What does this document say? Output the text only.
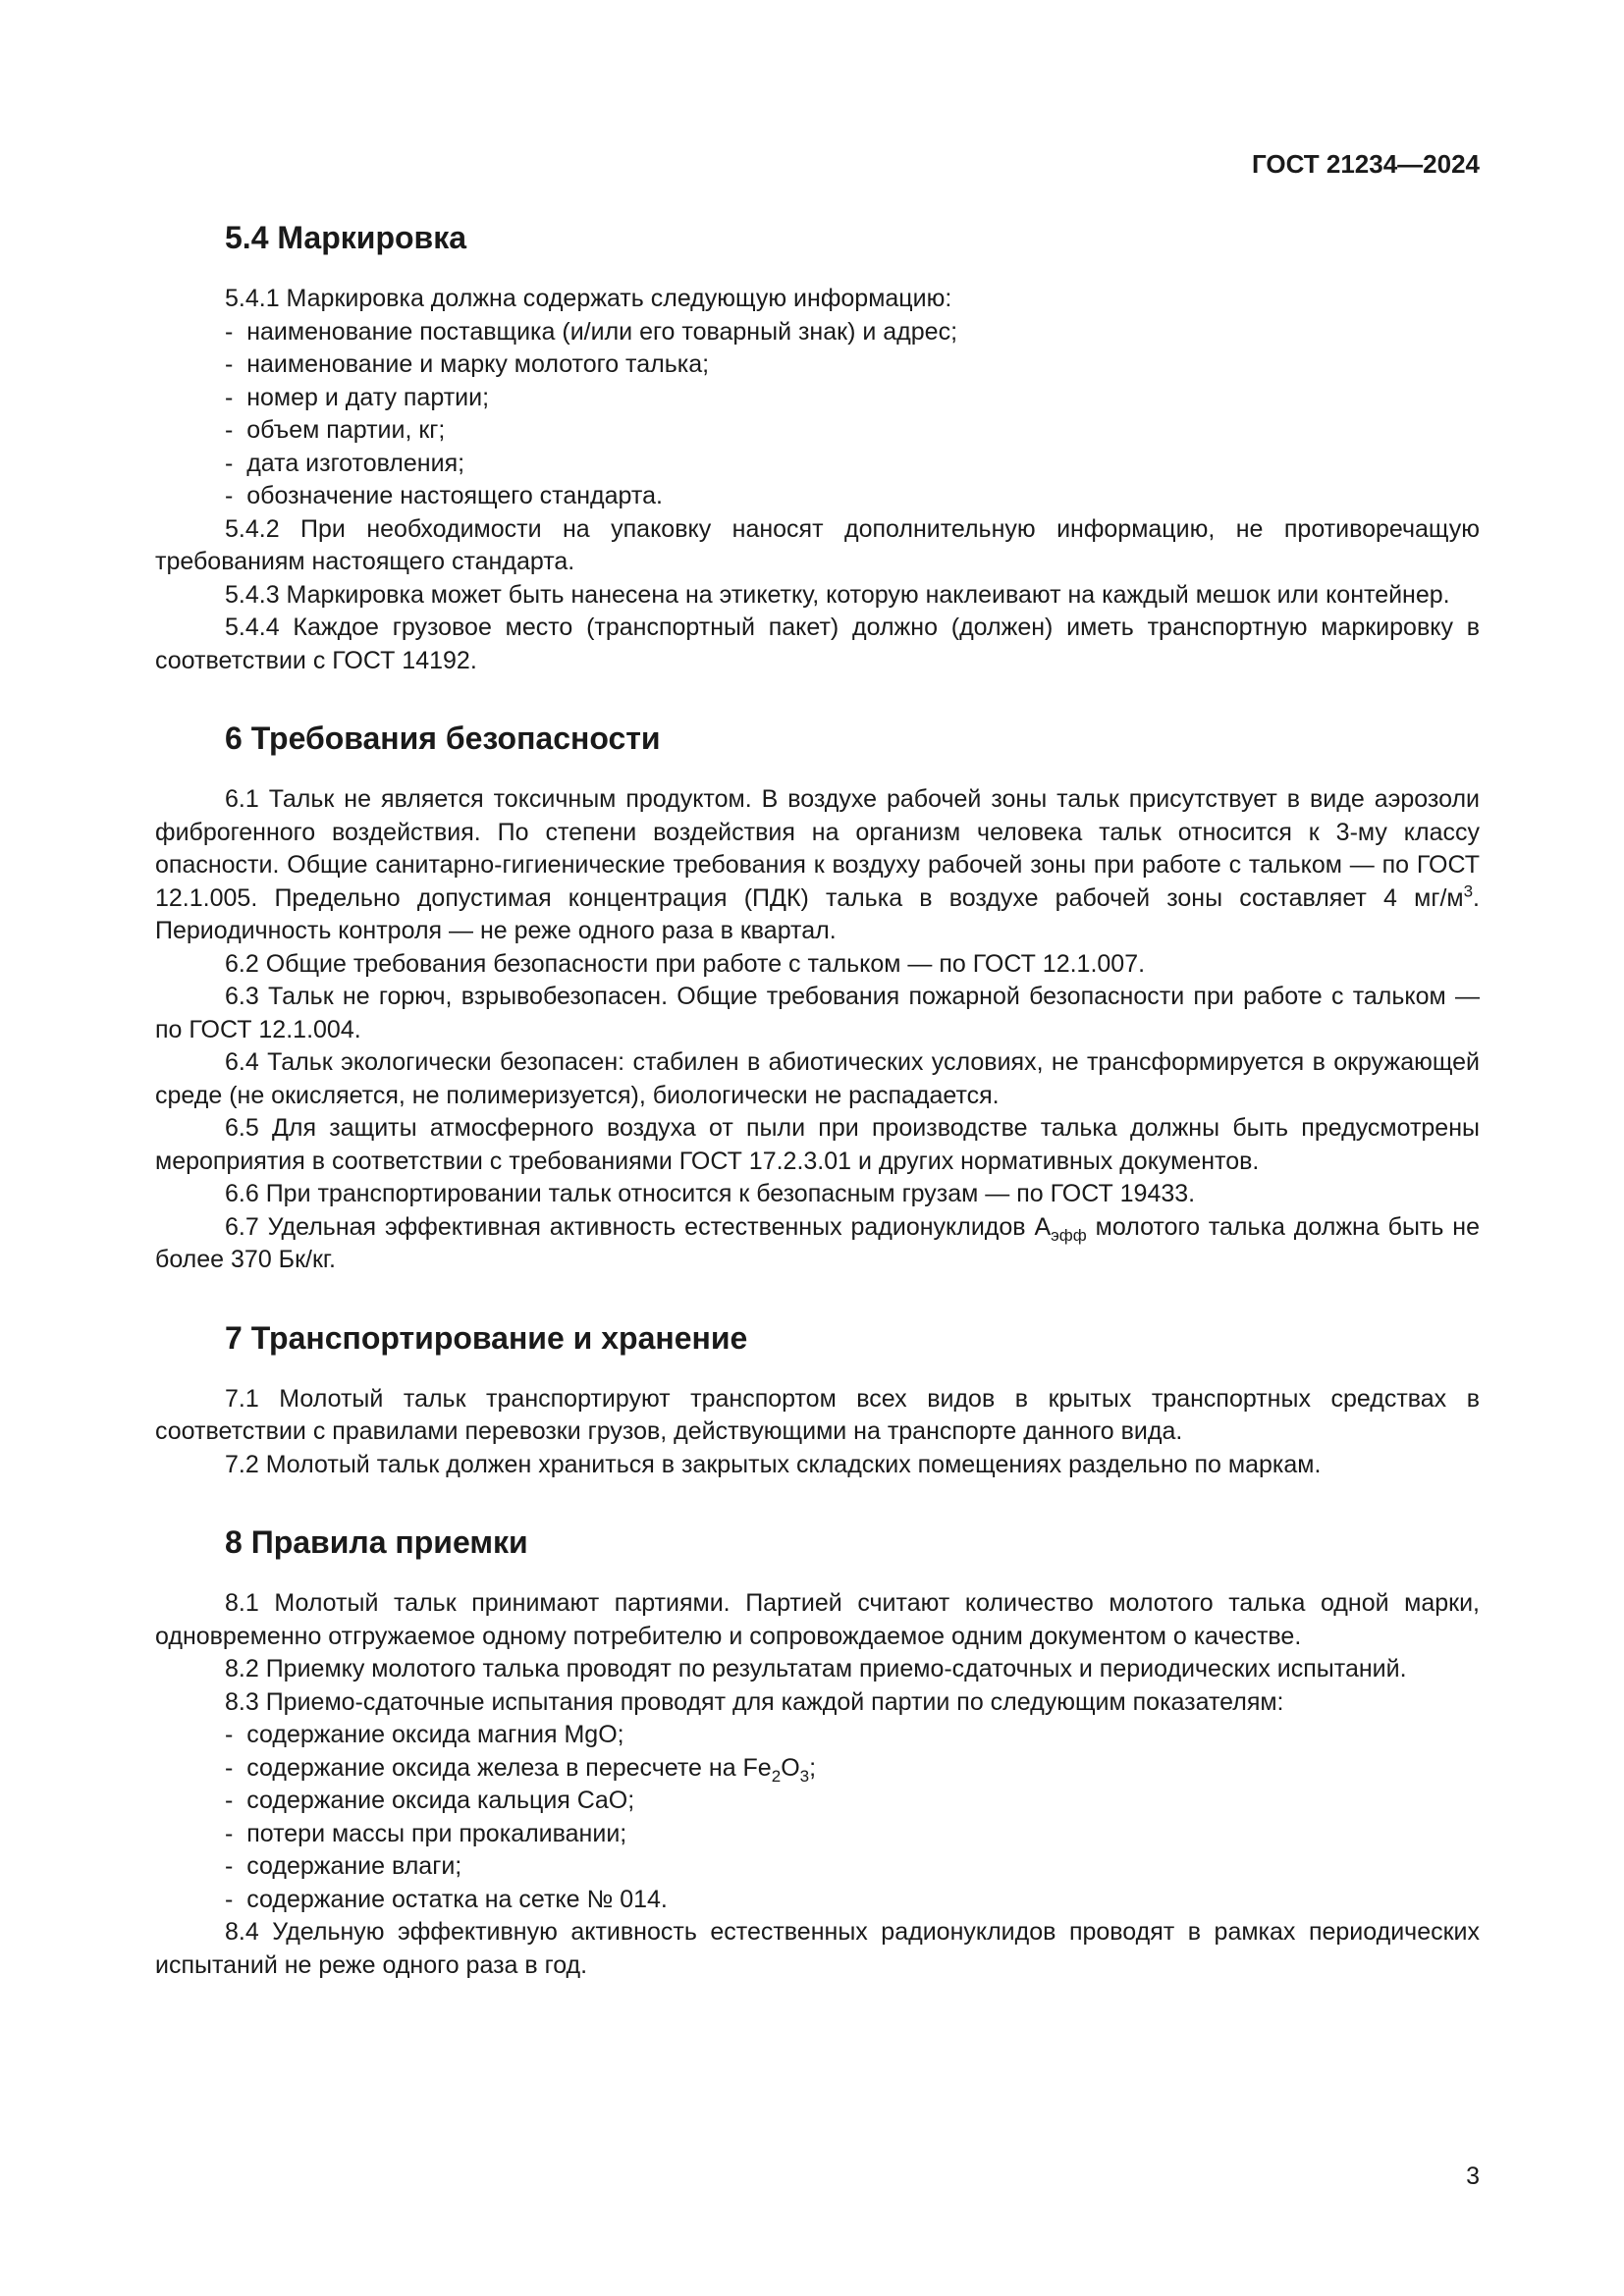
ГОСТ 21234—2024
5.4 Маркировка

5.4.1 Маркировка должна содержать следующую информацию:

-  наименование поставщика (и/или его товарный знак) и адрес;

-  наименование и марку молотого талька;

-  номер и дату партии;

-  объем партии, кг;

-  дата изготовления;

-  обозначение настоящего стандарта.

5.4.2 При необходимости на упаковку наносят дополнительную информацию, не противоречащую требованиям настоящего стандарта.

5.4.3 Маркировка может быть нанесена на этикетку, которую наклеивают на каждый мешок или контейнер.

5.4.4 Каждое грузовое место (транспортный пакет) должно (должен) иметь транспортную маркировку в соответствии с ГОСТ 14192.

6 Требования безопасности

6.1 Тальк не является токсичным продуктом. В воздухе рабочей зоны тальк присутствует в виде аэрозоли фиброгенного воздействия. По степени воздействия на организм человека тальк относится к 3-му классу опасности. Общие санитарно-гигиенические требования к воздуху рабочей зоны при работе с тальком — по ГОСТ 12.1.005. Предельно допустимая концентрация (ПДК) талька в воздухе рабочей зоны составляет 4 $мг/м^3$. Периодичность контроля — не реже одного раза в квартал.

6.2 Общие требования безопасности при работе с тальком — по ГОСТ 12.1.007.

6.3 Тальк не горюч, взрывобезопасен. Общие требования пожарной безопасности при работе с тальком — по ГОСТ 12.1.004.

6.4 Тальк экологически безопасен: стабилен в абиотических условиях, не трансформируется в окружающей среде (не окисляется, не полимеризуется), биологически не распадается.

6.5 Для защиты атмосферного воздуха от пыли при производстве талька должны быть предусмотрены мероприятия в соответствии с требованиями ГОСТ 17.2.3.01 и других нормативных документов.

6.6 При транспортировании тальк относится к безопасным грузам — по ГОСТ 19433.

6.7 Удельная эффективная активность естественных радионуклидов $А_{эфф}$ молотого талька должна быть не более 370 Бк/кг.

7 Транспортирование и хранение

7.1 Молотый тальк транспортируют транспортом всех видов в крытых транспортных средствах в соответствии с правилами перевозки грузов, действующими на транспорте данного вида.

7.2 Молотый тальк должен храниться в закрытых складских помещениях раздельно по маркам.

8 Правила приемки

8.1 Молотый тальк принимают партиями. Партией считают количество молотого талька одной марки, одновременно отгружаемое одному потребителю и сопровождаемое одним документом о качестве.

8.2 Приемку молотого талька проводят по результатам приемо-сдаточных и периодических испытаний.

8.3 Приемо-сдаточные испытания проводят для каждой партии по следующим показателям:

-  содержание оксида магния MgO;

-  содержание оксида железа в пересчете на $Fe_2O_3$;

-  содержание оксида кальция CaO;

-  потери массы при прокаливании;

-  содержание влаги;

-  содержание остатка на сетке № 014.

8.4 Удельную эффективную активность естественных радионуклидов проводят в рамках периодических испытаний не реже одного раза в год.

3
